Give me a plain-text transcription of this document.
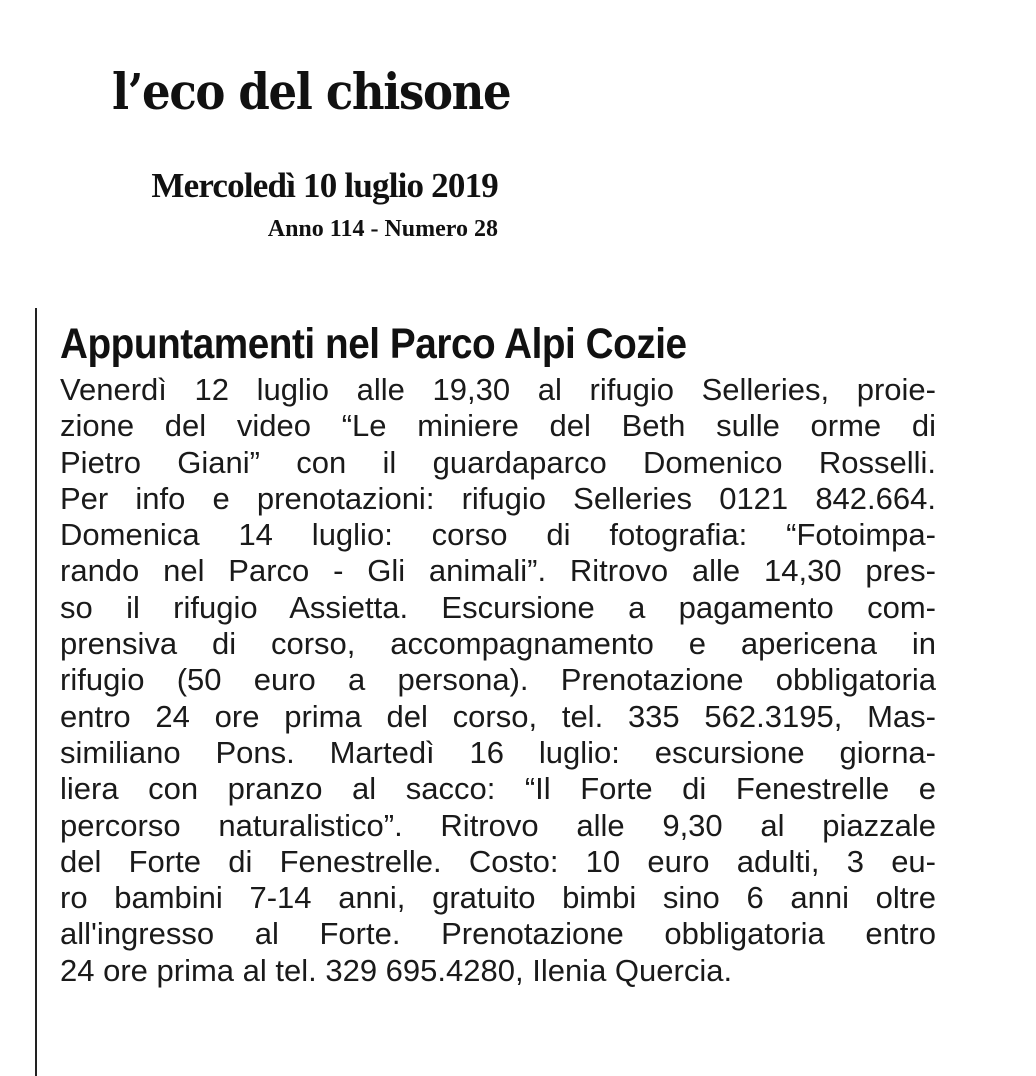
l’eco del chisone
Mercoledì 10 luglio 2019
Anno 114 - Numero 28
Appuntamenti nel Parco Alpi Cozie
Venerdì 12 luglio alle 19,30 al rifugio Selleries, proie-
zione del video “Le miniere del Beth sulle orme di
Pietro Giani” con il guardaparco Domenico Rosselli.
Per info e prenotazioni: rifugio Selleries 0121 842.664.
Domenica 14 luglio: corso di fotografia: “Fotoimpa-
rando nel Parco - Gli animali”. Ritrovo alle 14,30 pres-
so il rifugio Assietta. Escursione a pagamento com-
prensiva di corso, accompagnamento e apericena in
rifugio (50 euro a persona). Prenotazione obbligatoria
entro 24 ore prima del corso, tel. 335 562.3195, Mas-
similiano Pons. Martedì 16 luglio: escursione giorna-
liera con pranzo al sacco: “Il Forte di Fenestrelle e
percorso naturalistico”. Ritrovo alle 9,30 al piazzale
del Forte di Fenestrelle. Costo: 10 euro adulti, 3 eu-
ro bambini 7-14 anni, gratuito bimbi sino 6 anni oltre
all'ingresso al Forte. Prenotazione obbligatoria entro
24 ore prima al tel. 329 695.4280, Ilenia Quercia.
